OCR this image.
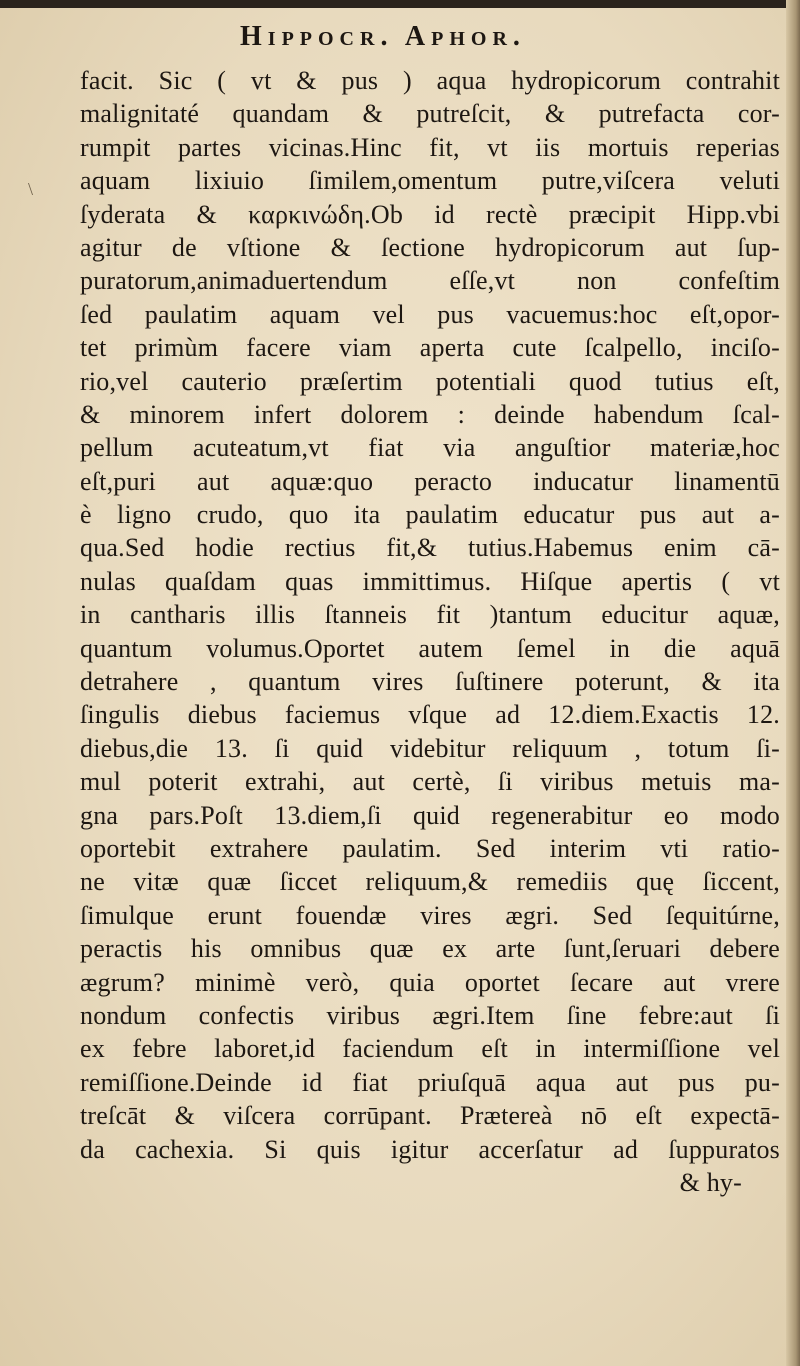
Hippocr. Aphor.
\
facit. Sic ( vt & pus ) aqua hydropicorum contrahit
malignitaté quandam & putreſcit, & putrefacta cor-
rumpit partes vicinas.Hinc fit, vt iis mortuis reperias
aquam lixiuio ſimilem,omentum putre,viſcera veluti
ſyderata & καρκινώδη.Ob id rectè præcipit Hipp.vbi
agitur de vſtione & ſectione hydropicorum aut ſup-
puratorum,animaduertendum eſſe,vt non confeſtim
ſed paulatim aquam vel pus vacuemus:hoc eſt,opor-
tet primùm facere viam aperta cute ſcalpello, inciſo-
rio,vel cauterio præſertim potentiali quod tutius eſt,
& minorem infert dolorem : deinde habendum ſcal-
pellum acuteatum,vt fiat via anguſtior materiæ,hoc
eſt,puri aut aquæ:quo peracto inducatur linamentū
è ligno crudo, quo ita paulatim educatur pus aut a-
qua.Sed hodie rectius fit,& tutius.Habemus enim cā-
nulas quaſdam quas immittimus. Hiſque apertis ( vt
in cantharis illis ſtanneis fit )tantum educitur aquæ,
quantum volumus.Oportet autem ſemel in die aquā
detrahere , quantum vires ſuſtinere poterunt, & ita
ſingulis diebus faciemus vſque ad 12.diem.Exactis 12.
diebus,die 13. ſi quid videbitur reliquum , totum ſi-
mul poterit extrahi, aut certè, ſi viribus metuis ma-
gna pars.Poſt 13.diem,ſi quid regenerabitur eo modo
oportebit extrahere paulatim. Sed interim vti ratio-
ne vitæ quæ ſiccet reliquum,& remediis quę ſiccent,
ſimulque erunt fouendæ vires ægri. Sed ſequitúrne,
peractis his omnibus quæ ex arte ſunt,ſeruari debere
ægrum? minimè verò, quia oportet ſecare aut vrere
nondum confectis viribus ægri.Item ſine febre:aut ſi
ex febre laboret,id faciendum eſt in intermiſſione vel
remiſſione.Deinde id fiat priuſquā aqua aut pus pu-
treſcāt & viſcera corrūpant. Prætereà nō eſt expectā-
da cachexia. Si quis igitur accerſatur ad ſuppuratos
& hy-
